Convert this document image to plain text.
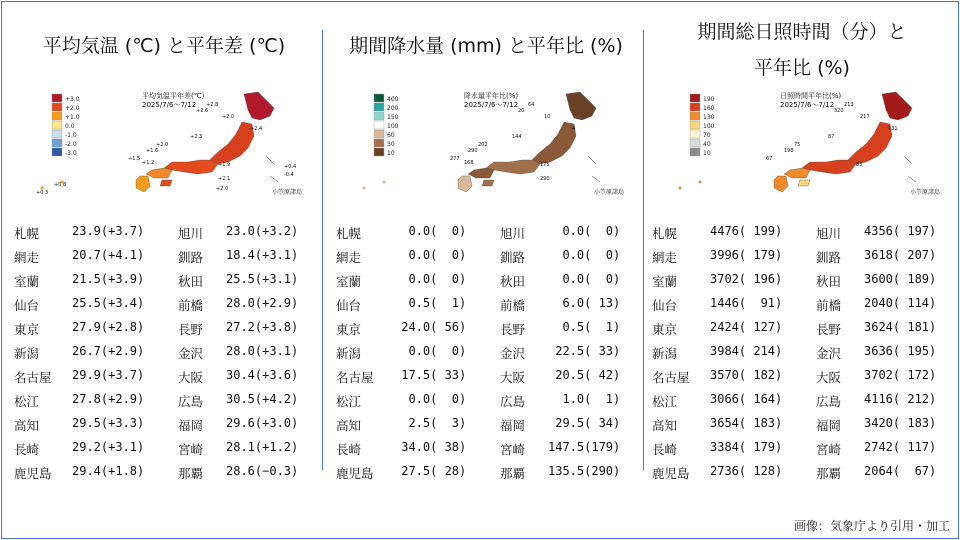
平均気温 (℃) と平年差 (℃)
+3.0
+2.0
+1.0
0.0
-1.0
-2.0
-3.0
平均気温平年差(℃)
2025/7/6〜7/12
小笠原諸島
+2.6
+2.0
+2.8
+2.4
+2.3
+1.6
+2.0
+1.9
+1.5
+1.2
+2.1
+2.0
+0.4
-0.4
+0.3
+0.8
札幌	23.9(+3.7)	旭川 23.0(+3.2)
網走	20.7(+4.1)	釧路 18.4(+3.1)
室蘭	21.5(+3.9)	秋田 25.5(+3.1)
仙台	25.5(+3.4)	前橋 28.0(+2.9)
東京	27.9(+2.8)	長野 27.2(+3.8)
新潟	26.7(+2.9)	金沢 28.0(+3.1)
名古屋 29.9(+3.7)	大阪 30.4(+3.6)
松江	27.8(+2.9)	広島 30.5(+4.2)
高知	29.5(+3.3)	福岡 29.6(+3.0)
長崎	29.2(+3.1)	宮崎 28.1(+1.2)
鹿児島 29.4(+1.8)	那覇 28.6(−0.3)
期間降水量 (mm) と平年比 (%)
400
200
150
100
60
30
10
降水量平年比(%)
2025/7/6〜7/12
小笠原諸島
20
10
64
4
144
290
202
175
277
168
290
札幌	0.0(  0)	旭川 0.0(  0)
網走	0.0(  0)	釧路 0.0(  0)
室蘭	0.0(  0)	秋田 0.0(  0)
仙台	0.5(  1)	前橋 6.0( 13)
東京	24.0( 56)	長野 0.5(  1)
新潟	0.0(  0)	金沢 22.5( 33)
名古屋 17.5( 33)	大阪 20.5( 42)
松江	0.0(  0)	広島 1.0(  1)
高知	2.5(  3)	福岡 29.5( 34)
長崎	34.0( 38)	宮崎 147.5(179)
鹿児島 27.5( 28)	那覇 135.5(290)
期間総日照時間（分）と
平年比 (%)
190
160
130
100
70
40
10
日照時間平年比(%)
2025/7/6〜7/12
小笠原諸島
320
217
213
131
87
198
75
83
67
札幌	4476( 199)	旭川 4356( 197)
網走	3996( 179)	釧路 3618( 207)
室蘭	3702( 196)	秋田 3600( 189)
仙台	1446(  91)	前橋 2040( 114)
東京	2424( 127)	長野 3624( 181)
新潟	3984( 214)	金沢 3636( 195)
名古屋 3570( 182)	大阪 3702( 172)
松江	3066( 164)	広島 4116( 212)
高知	3654( 183)	福岡 3420( 183)
長崎	3384( 179)	宮崎 2742( 117)
鹿児島 2736( 128)	那覇 2064(  67)
画像：気象庁より引用・加工
